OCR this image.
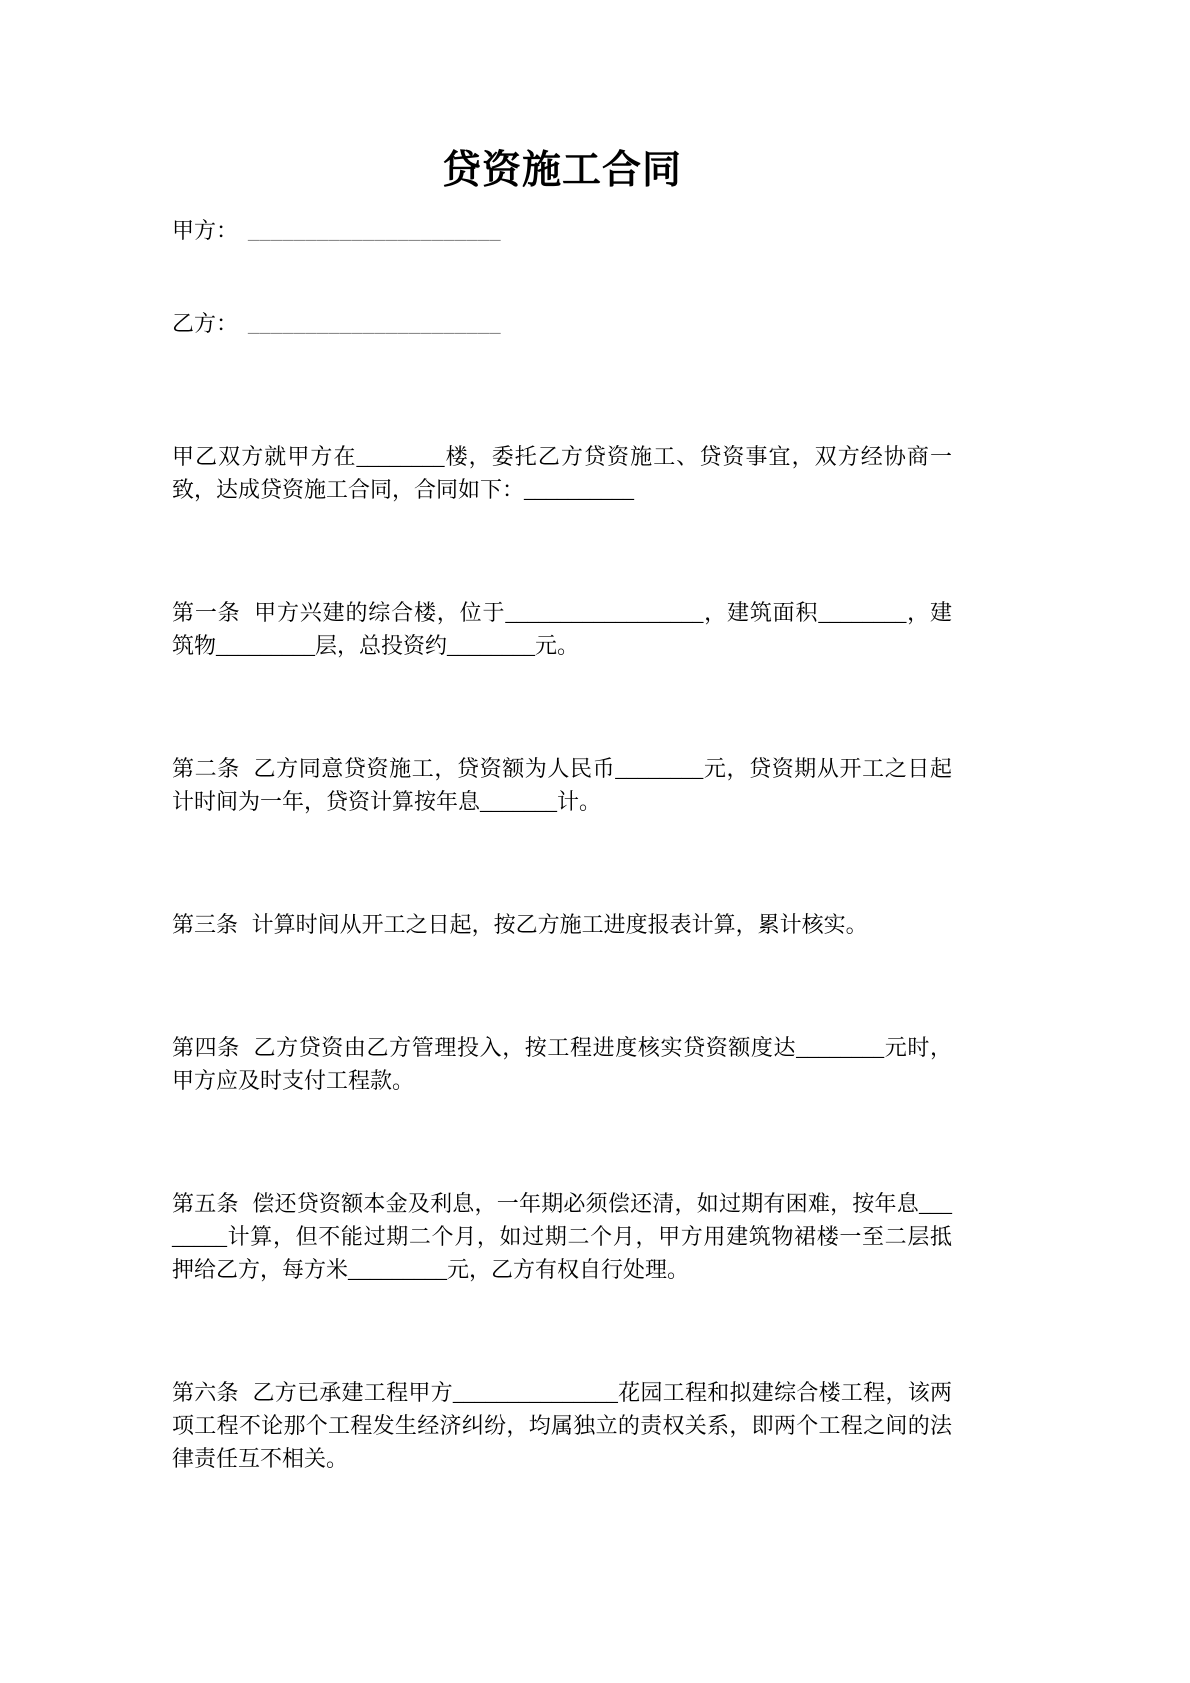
贷资施工合同
甲方： ______________________
乙方： ______________________

甲乙双方就甲方在________楼，委托乙方贷资施工、贷资事宜，双方经协商一致，达成贷资施工合同，合同如下：__________

第一条 甲方兴建的综合楼，位于__________________，建筑面积________，建筑物_________层，总投资约________元。

第二条 乙方同意贷资施工，贷资额为人民币________元，贷资期从开工之日起计时间为一年，贷资计算按年息_______计。

第三条 计算时间从开工之日起，按乙方施工进度报表计算，累计核实。

第四条 乙方贷资由乙方管理投入，按工程进度核实贷资额度达________元时，甲方应及时支付工程款。

第五条 偿还贷资额本金及利息，一年期必须偿还清，如过期有困难，按年息________计算，但不能过期二个月，如过期二个月，甲方用建筑物裙楼一至二层抵押给乙方，每方米_________元，乙方有权自行处理。

第六条 乙方已承建工程甲方_______________花园工程和拟建综合楼工程，该两项工程不论那个工程发生经济纠纷，均属独立的责权关系，即两个工程之间的法律责任互不相关。
